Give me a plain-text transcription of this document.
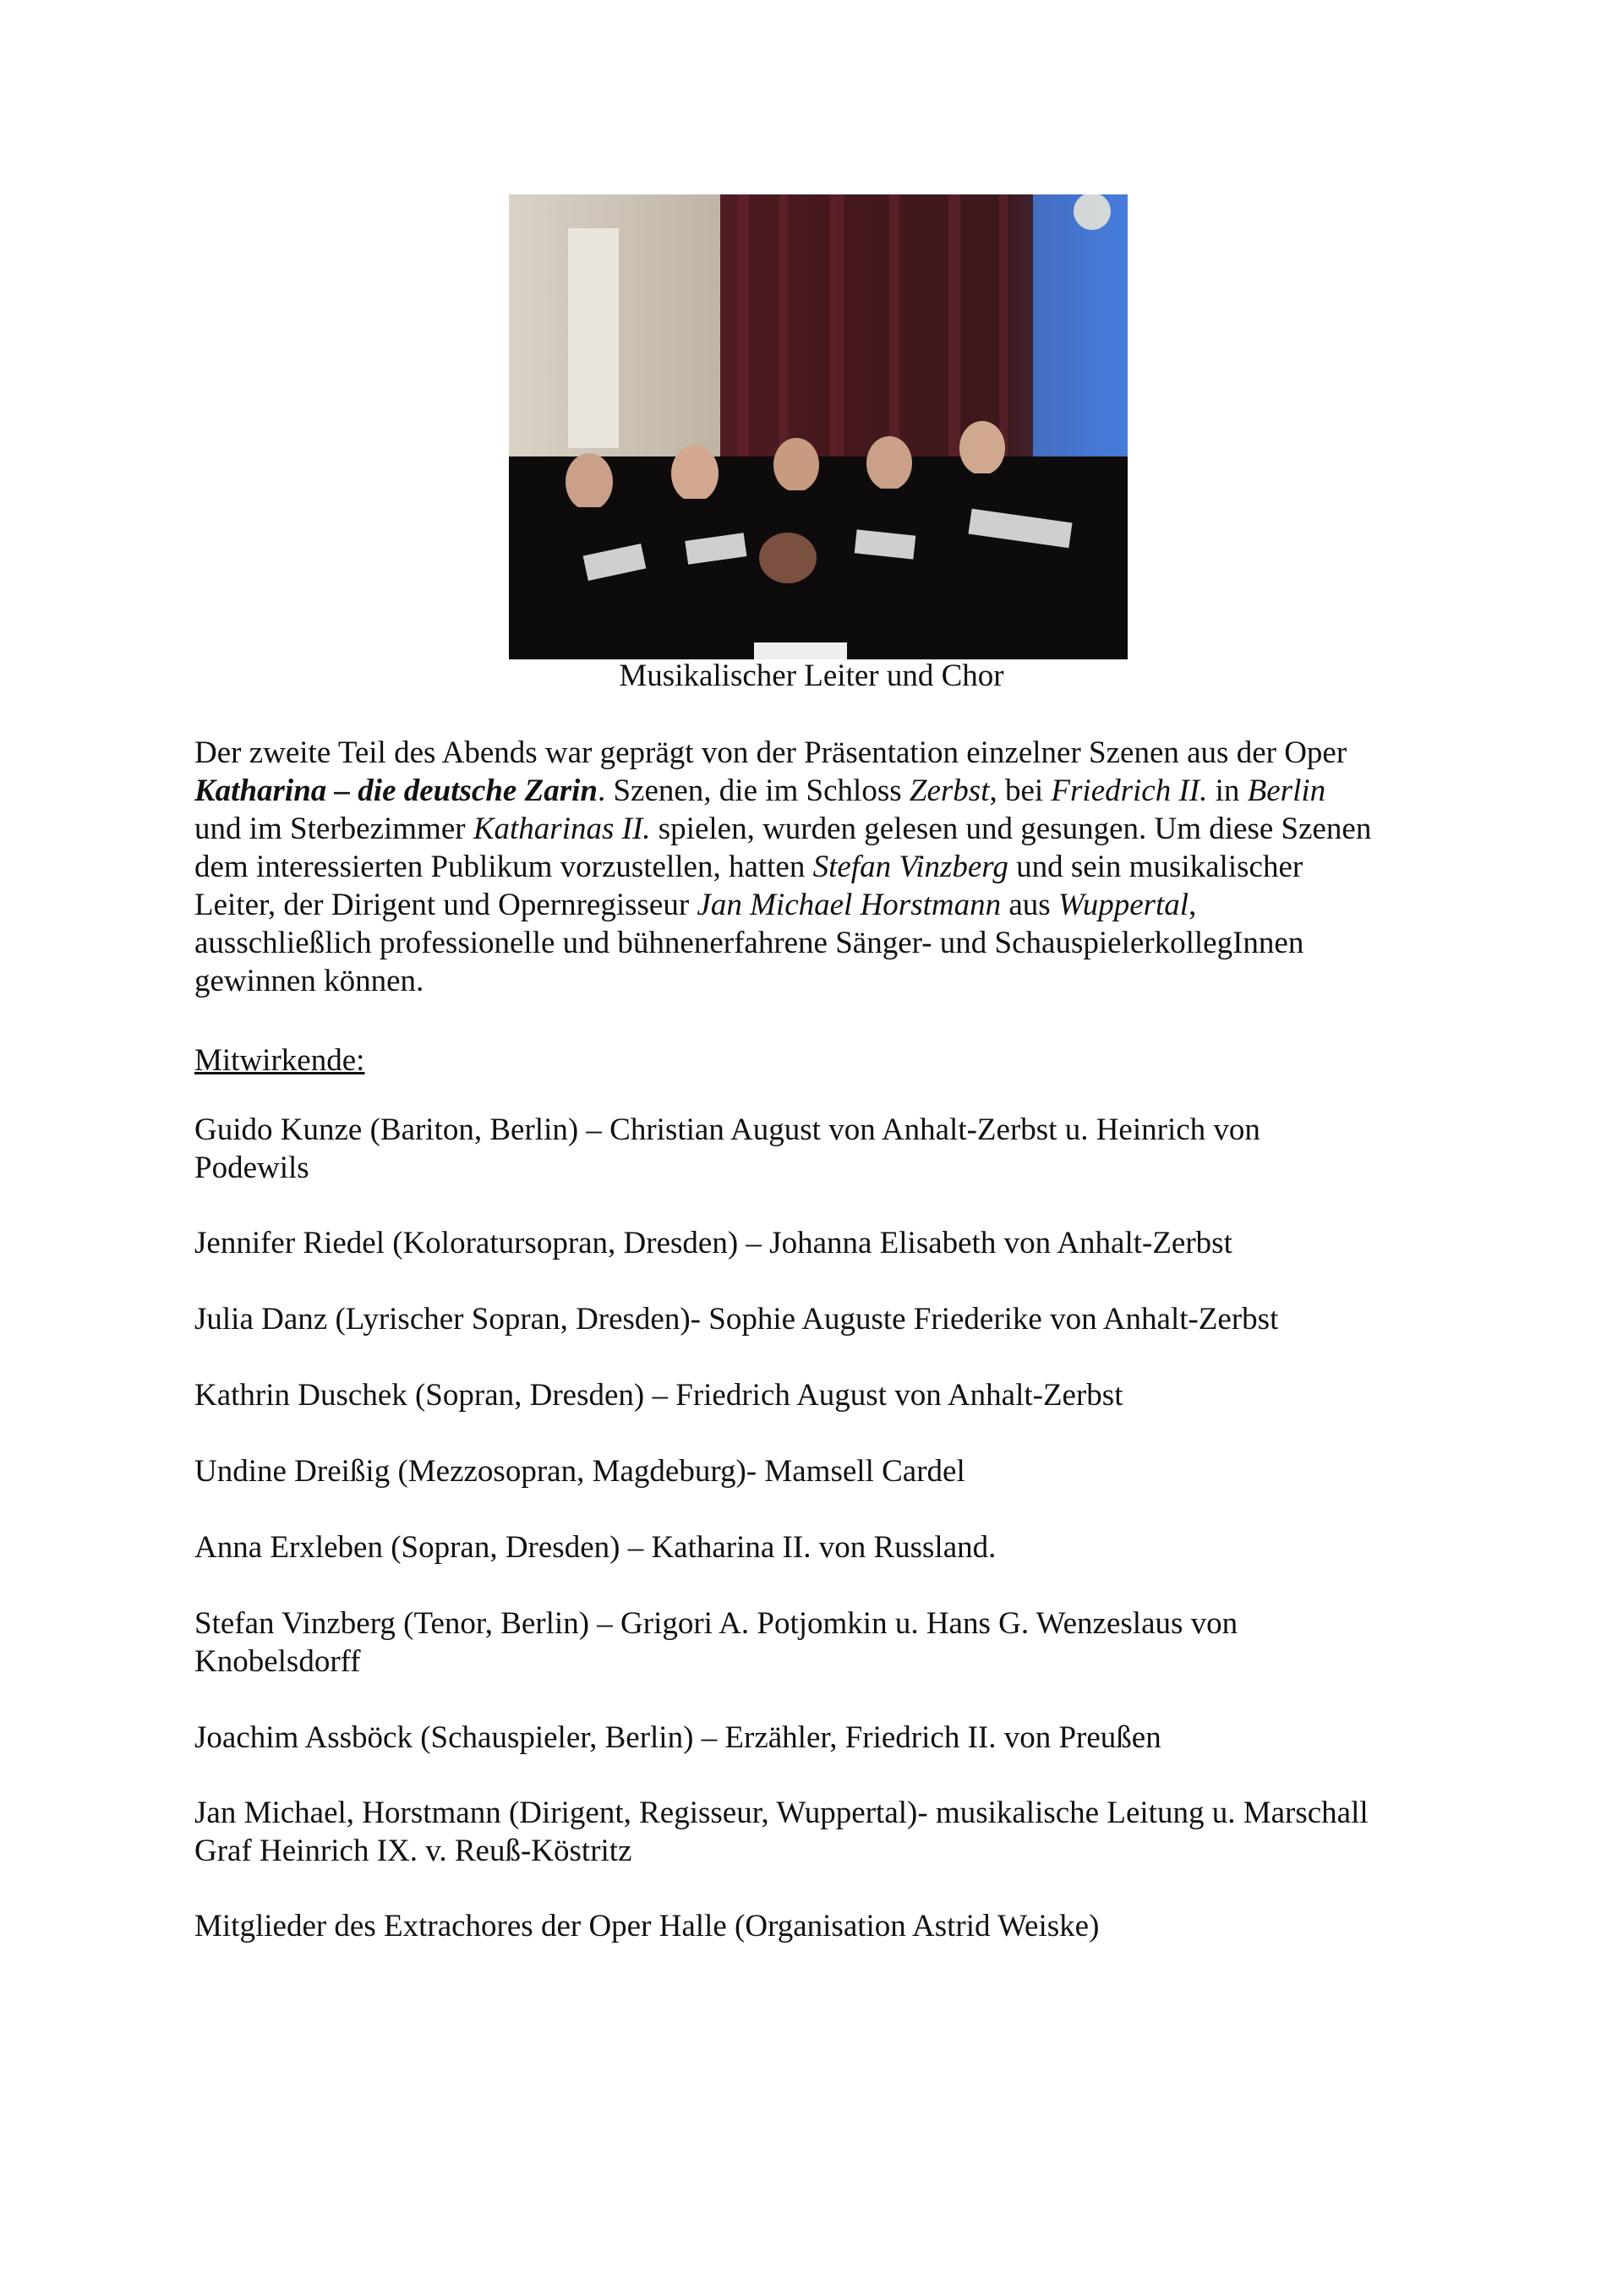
Musikalischer Leiter und Chor
Der zweite Teil des Abends war geprägt von der Präsentation einzelner Szenen aus der Oper
Katharina – die deutsche Zarin. Szenen, die im Schloss Zerbst, bei Friedrich II. in Berlin
und im Sterbezimmer Katharinas II. spielen, wurden gelesen und gesungen. Um diese Szenen
dem interessierten Publikum vorzustellen, hatten Stefan Vinzberg und sein musikalischer
Leiter, der Dirigent und Opernregisseur Jan Michael Horstmann aus Wuppertal,
ausschließlich professionelle und bühnenerfahrene Sänger- und SchauspielerkollegInnen
gewinnen können.
Mitwirkende:
Guido Kunze (Bariton, Berlin) – Christian August von Anhalt-Zerbst u. Heinrich von
Podewils
Jennifer Riedel (Koloratursopran, Dresden) – Johanna Elisabeth von Anhalt-Zerbst
Julia Danz (Lyrischer Sopran, Dresden)- Sophie Auguste Friederike von Anhalt-Zerbst
Kathrin Duschek (Sopran, Dresden) – Friedrich August von Anhalt-Zerbst
Undine Dreißig (Mezzosopran, Magdeburg)- Mamsell Cardel
Anna Erxleben (Sopran, Dresden) – Katharina II. von Russland.
Stefan Vinzberg (Tenor, Berlin) – Grigori A. Potjomkin u. Hans G. Wenzeslaus von
Knobelsdorff
Joachim Assböck (Schauspieler, Berlin) – Erzähler, Friedrich II. von Preußen
Jan Michael, Horstmann (Dirigent, Regisseur, Wuppertal)- musikalische Leitung u. Marschall
Graf Heinrich IX. v. Reuß-Köstritz
Mitglieder des Extrachores der Oper Halle (Organisation Astrid Weiske)
